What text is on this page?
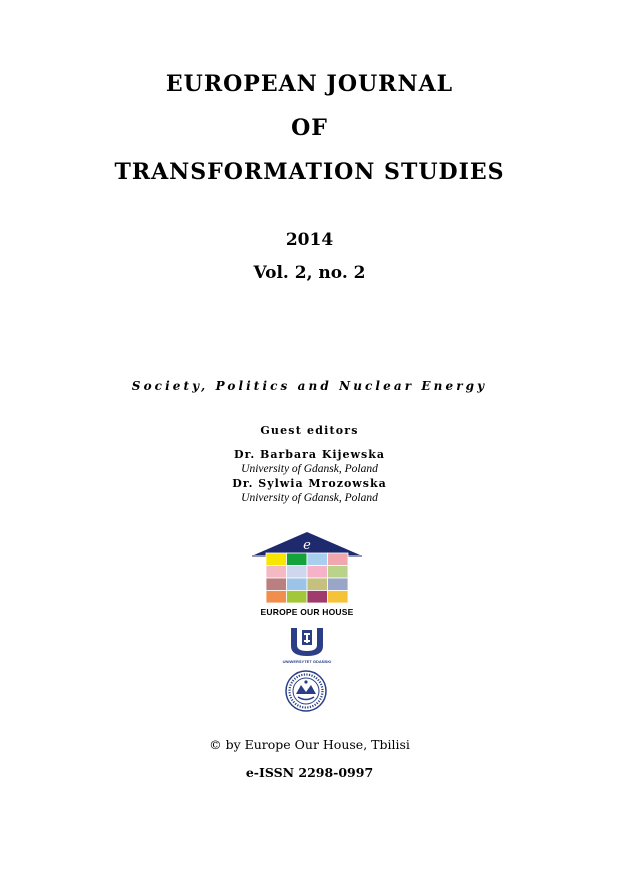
EUROPEAN JOURNAL
OF
TRANSFORMATION STUDIES
2014
Vol. 2, no. 2
Society, Politics and Nuclear Energy
Guest editors
Dr. Barbara Kijewska
University of Gdansk, Poland
Dr. Sylwia Mrozowska
University of Gdansk, Poland
e
EUROPE OUR HOUSE
UNIWERSYTET GDAŃSKI
© by Europe Our House, Tbilisi
e-ISSN 2298-0997
